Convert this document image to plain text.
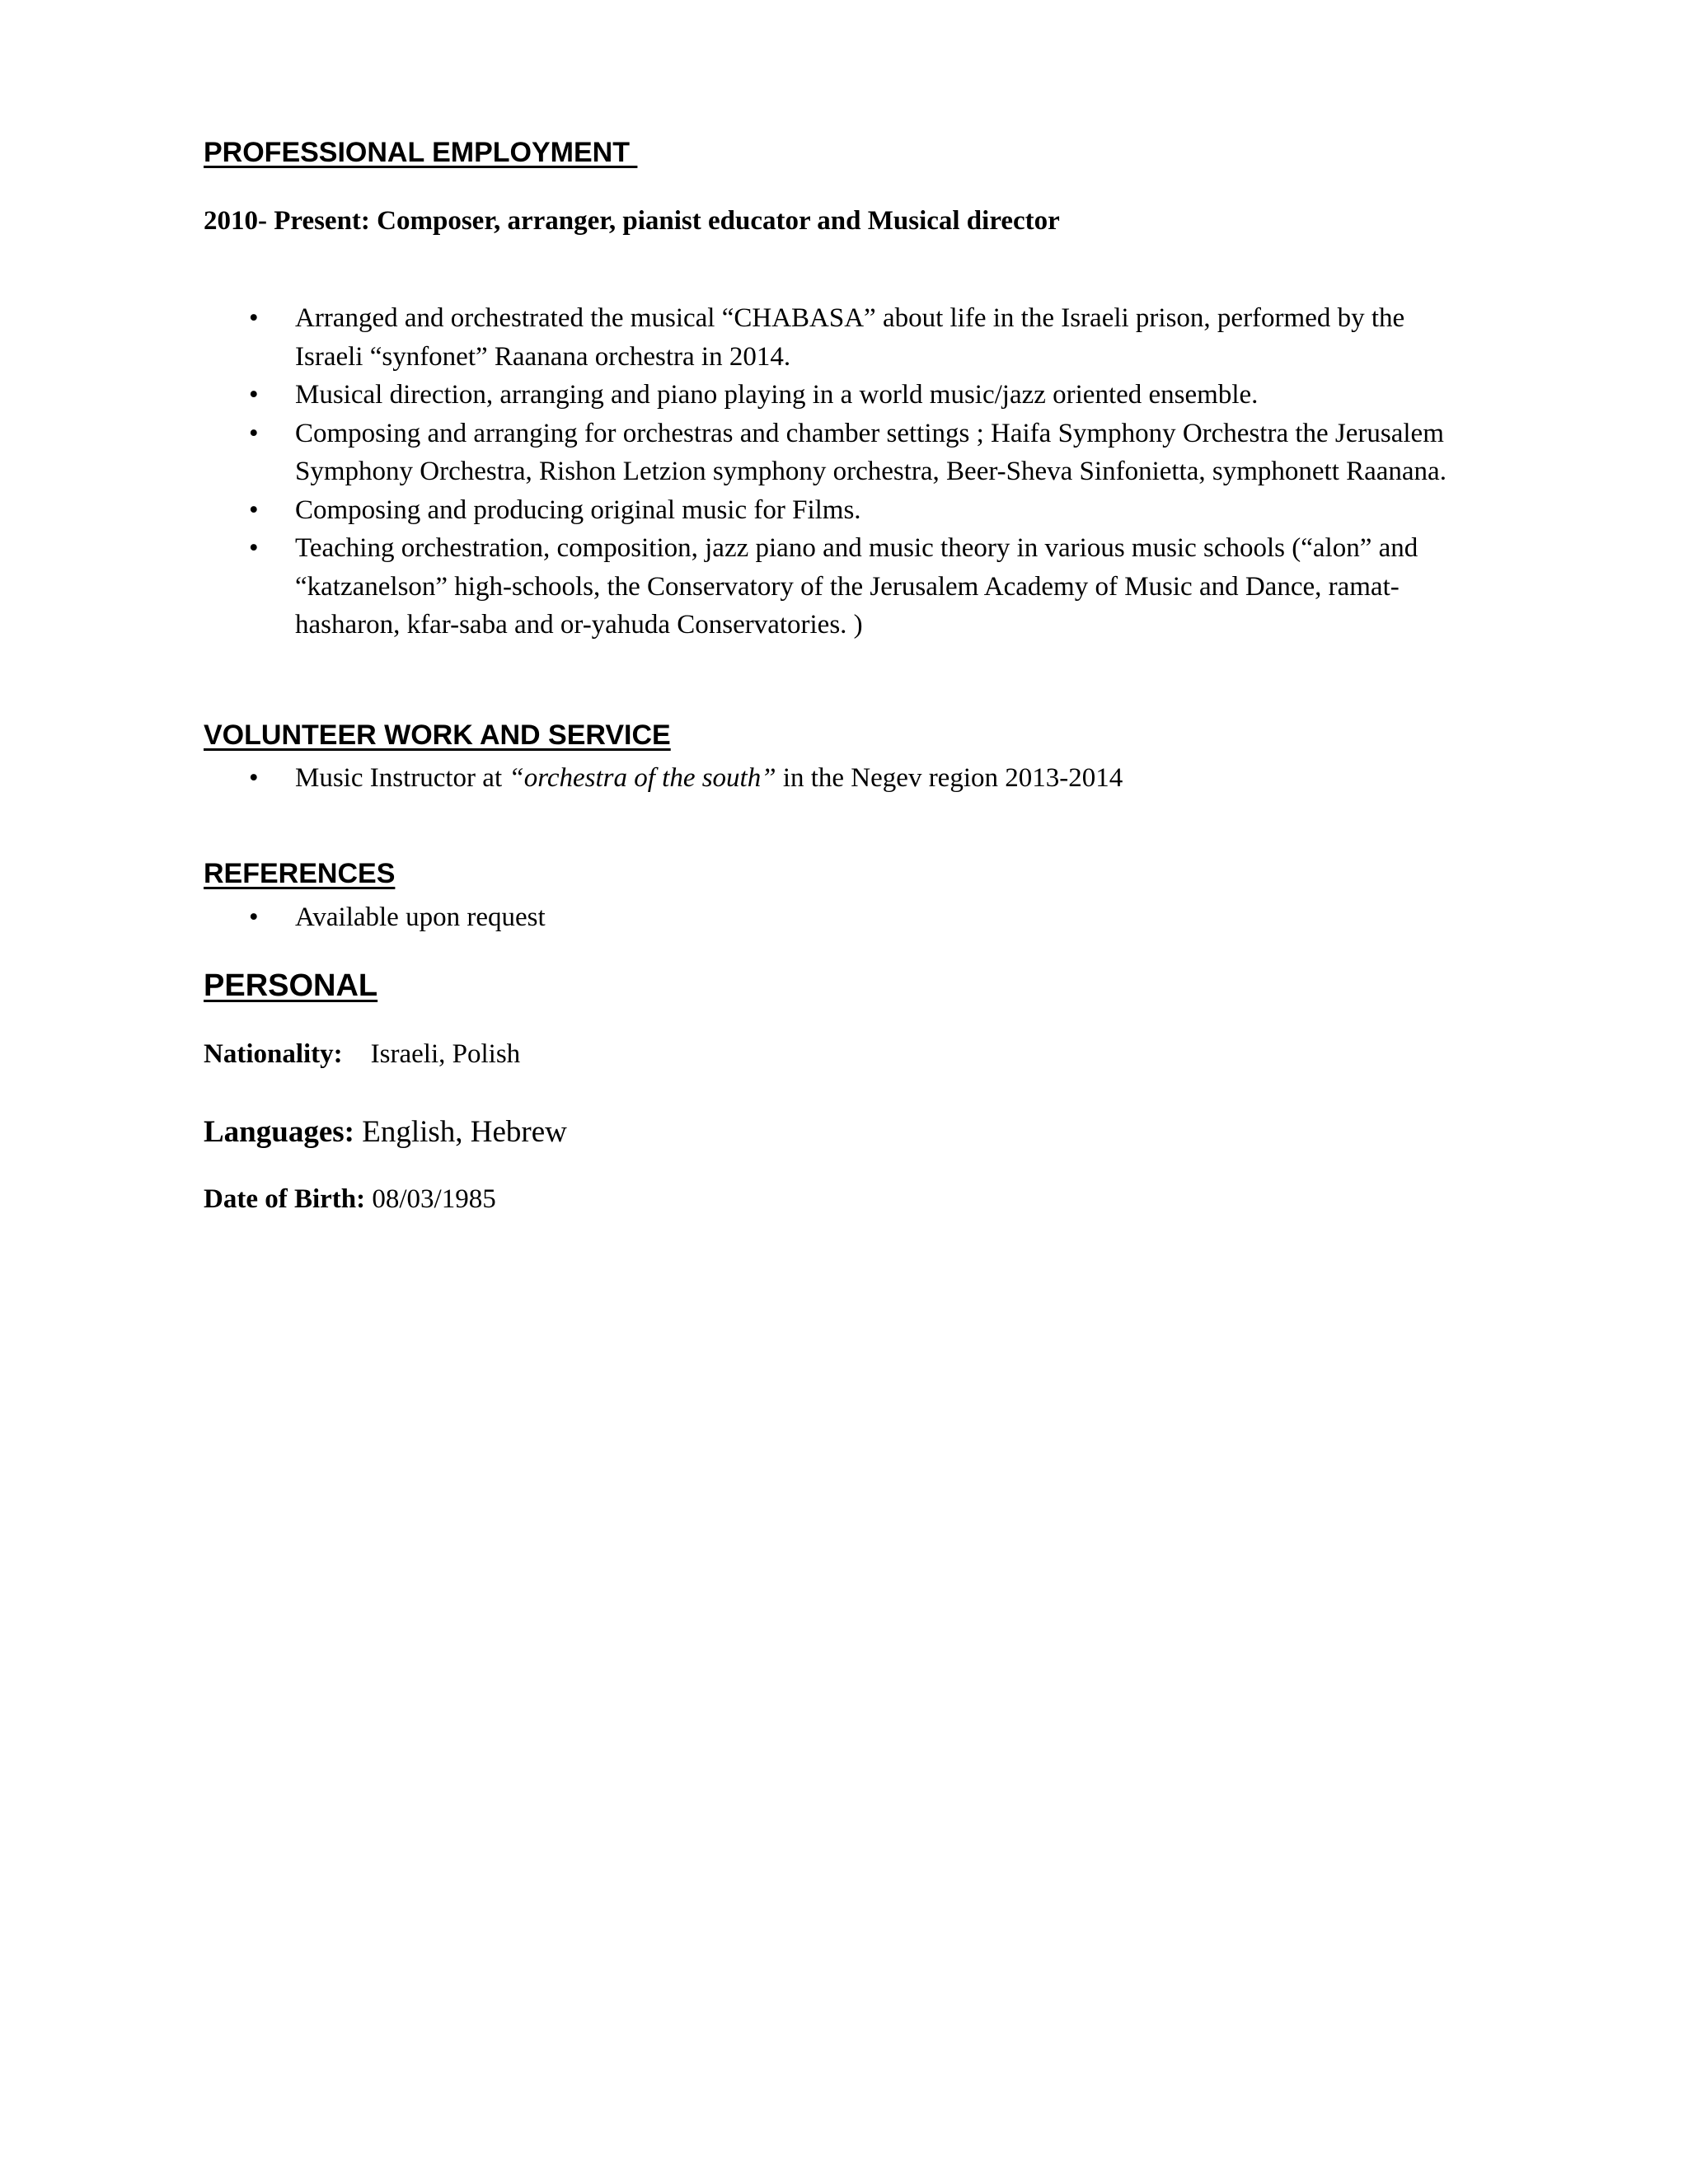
PROFESSIONAL EMPLOYMENT

2010- Present: Composer, arranger, pianist educator and Musical director

• Arranged and orchestrated the musical “CHABASA” about life in the Israeli prison, performed by the Israeli “synfonet” Raanana orchestra in 2014.
• Musical direction, arranging and piano playing in a world music/jazz oriented ensemble.
• Composing and arranging for orchestras and chamber settings ; Haifa Symphony Orchestra the Jerusalem Symphony Orchestra, Rishon Letzion symphony orchestra, Beer-Sheva Sinfonietta, symphonett Raanana.
• Composing and producing original music for Films.
• Teaching orchestration, composition, jazz piano and music theory in various music schools (“alon” and “katzanelson” high-schools, the Conservatory of the Jerusalem Academy of Music and Dance, ramat-hasharon, kfar-saba and or-yahuda Conservatories. )
VOLUNTEER WORK AND SERVICE
• Music Instructor at “orchestra of the south” in the Negev region 2013-2014
REFERENCES
• Available upon request
PERSONAL

Nationality: Israeli, Polish

Languages: English, Hebrew

Date of Birth: 08/03/1985
